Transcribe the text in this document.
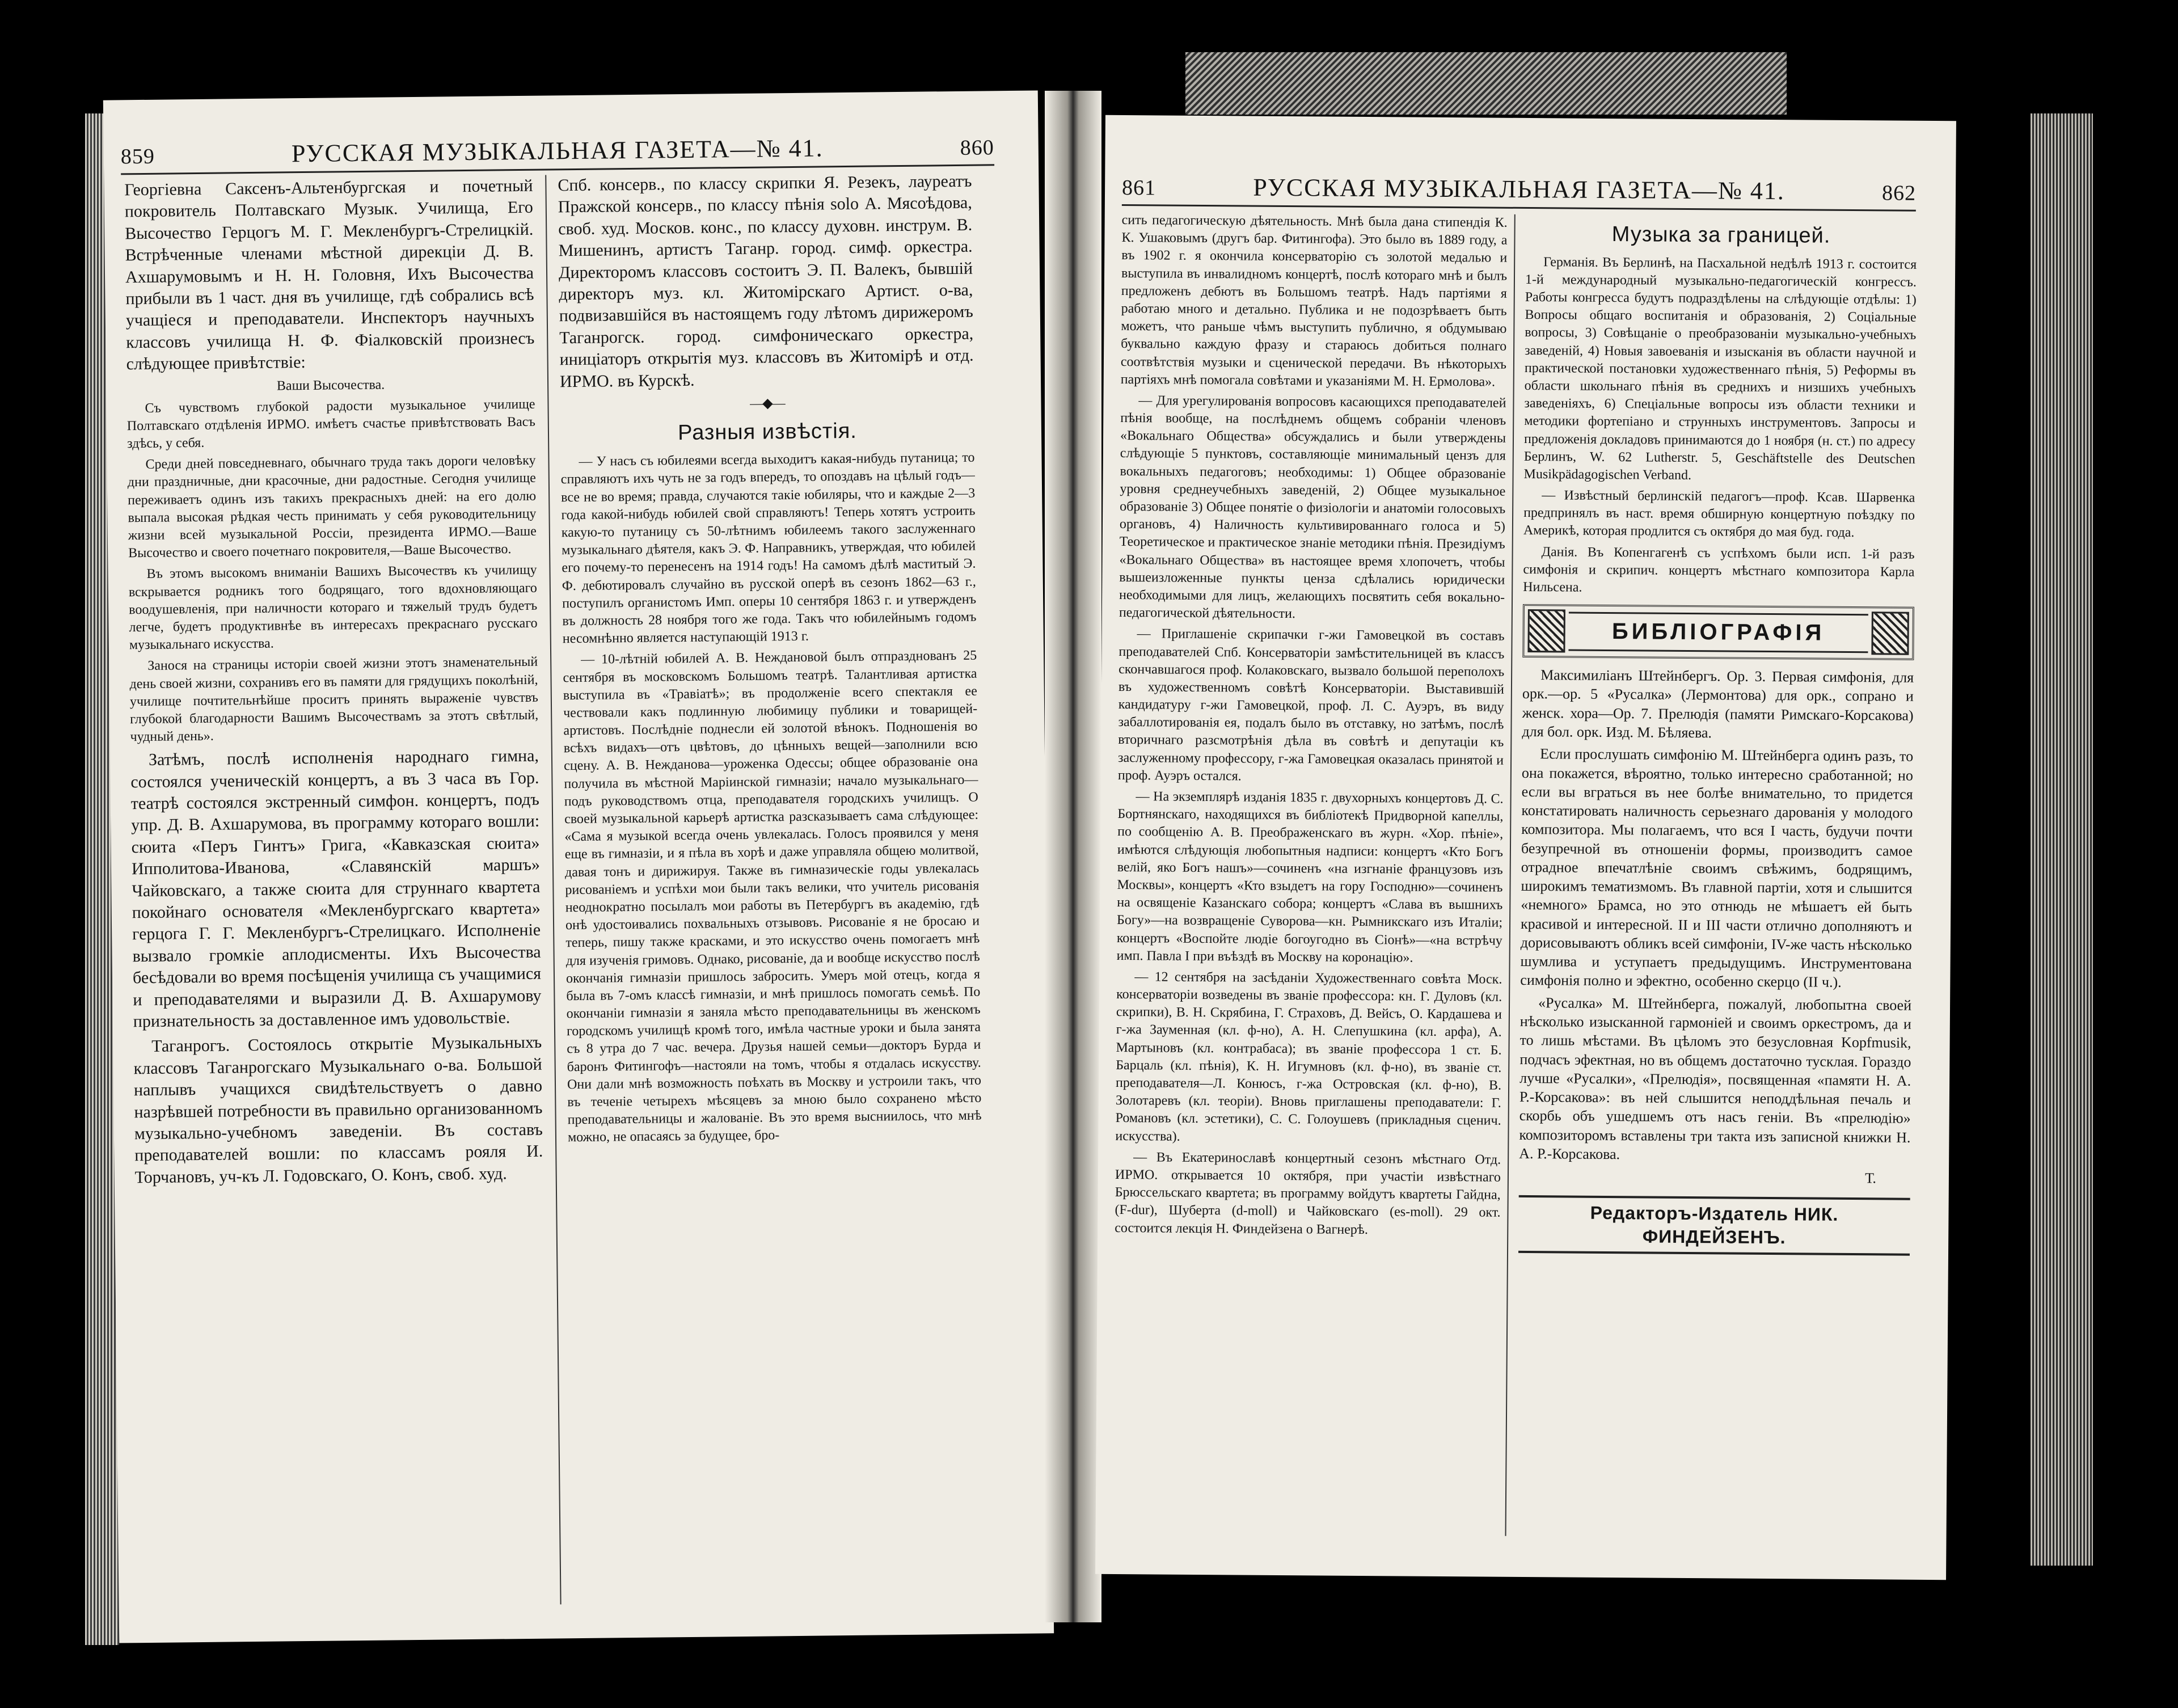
859	РУССКАЯ МУЗЫКАЛЬНАЯ ГАЗЕТА—№ 41.	860

Георгіевна Саксенъ-Альтенбургская и почетный покровитель Полтавскаго Музык. Училища, Его Высочество Герцогъ М. Г. Мекленбургъ-Стрелицкій. Встрѣченные членами мѣстной дирекціи Д. В. Ахшарумовымъ и Н. Н. Головня, Ихъ Высочества прибыли въ 1 част. дня въ училище, гдѣ собрались всѣ учащіеся и преподаватели. Инспекторъ научныхъ классовъ училища Н. Ф. Фіалковскій произнесъ слѣдующее привѣтствіе:

Ваши Высочества.

Съ чувствомъ глубокой радости музыкальное училище Полтавскаго отдѣленія ИРМО. имѣетъ счастье привѣтствовать Васъ здѣсь, у себя.

Среди дней повседневнаго, обычнаго труда такъ дороги человѣку дни праздничные, дни красочные, дни радостные. Сегодня училище переживаетъ одинъ изъ такихъ прекрасныхъ дней: на его долю выпала высокая рѣдкая честь принимать у себя руководительницу жизни всей музыкальной Россіи, президента ИРМО.—Ваше Высочество и своего почетнаго покровителя,—Ваше Высочество.

Въ этомъ высокомъ вниманіи Вашихъ Высочествъ къ училищу вскрывается родникъ того бодрящаго, того вдохновляющаго воодушевленія, при наличности котораго и тяжелый трудъ будетъ легче, будетъ продуктивнѣе въ интересахъ прекраснаго русскаго музыкальнаго искусства.

Занося на страницы исторіи своей жизни этотъ знаменательный день своей жизни, сохранивъ его въ памяти для грядущихъ поколѣній, училище почтительнѣйше проситъ принять выраженіе чувствъ глубокой благодарности Вашимъ Высочествамъ за этотъ свѣтлый, чудный день».

Затѣмъ, послѣ исполненія народнаго гимна, состоялся ученическій концертъ, а въ 3 часа въ Гор. театрѣ состоялся экстренный симфон. концертъ, подъ упр. Д. В. Ахшарумова, въ программу котораго вошли: сюита «Перъ Гинтъ» Грига, «Кавказская сюита» Ипполитова-Иванова, «Славянскій маршъ» Чайковскаго, а также сюита для струннаго квартета покойнаго основателя «Мекленбургскаго квартета» герцога Г. Г. Мекленбургъ-Стрелицкаго. Исполненіе вызвало громкіе аплодисменты. Ихъ Высочества бесѣдовали во время посѣщенія училища съ учащимися и преподавателями и выразили Д. В. Ахшарумову признательность за доставленное имъ удовольствіе.

Таганрогъ. Состоялось открытіе Музыкальныхъ классовъ Таганрогскаго Музыкальнаго о-ва. Большой наплывъ учащихся свидѣтельствуетъ о давно назрѣвшей потребности въ правильно организованномъ музыкально-учебномъ заведеніи. Въ составъ преподавателей вошли: по классамъ рояля И. Торчановъ, уч-къ Л. Годовскаго, О. Конъ, своб. худ.

Спб. консерв., по классу скрипки Я. Резекъ, лауреатъ Пражской консерв., по классу пѣнія solo А. Мясоѣдова, своб. худ. Москов. конс., по классу духовн. инструм. В. Мишенинъ, артистъ Таганр. город. симф. оркестра. Директоромъ классовъ состоитъ Э. П. Валекъ, бывшій директоръ муз. кл. Житомірскаго Артист. о-ва, подвизавшійся въ настоящемъ году лѣтомъ дирижеромъ Таганрогск. город. симфоническаго оркестра, иниціаторъ открытія муз. классовъ въ Житомірѣ и отд. ИРМО. въ Курскѣ.

—◆—
Разныя извѣстія.

— У насъ съ юбилеями всегда выходитъ какая-нибудь путаница; то справляютъ ихъ чуть не за годъ впередъ, то опоздавъ на цѣлый годъ—все не во время; правда, случаются такіе юбиляры, что и каждые 2—3 года какой-нибудь юбилей свой справляютъ! Теперь хотятъ устроить какую-то путаницу съ 50-лѣтнимъ юбилеемъ такого заслуженнаго музыкальнаго дѣятеля, какъ Э. Ф. Направникъ, утверждая, что юбилей его почему-то перенесенъ на 1914 годъ! На самомъ дѣлѣ маститый Э. Ф. дебютировалъ случайно въ русской оперѣ въ сезонъ 1862—63 г., поступилъ органистомъ Имп. оперы 10 сентября 1863 г. и утвержденъ въ должность 28 ноября того же года. Такъ что юбилейнымъ годомъ несомнѣнно является наступающій 1913 г.

— 10-лѣтній юбилей А. В. Неждановой былъ отпразднованъ 25 сентября въ московскомъ Большомъ театрѣ. Талантливая артистка выступила въ «Травіатѣ»; въ продолженіе всего спектакля ее чествовали какъ подлинную любимицу публики и товарищей-артистовъ. Послѣдніе поднесли ей золотой вѣнокъ. Подношенія во всѣхъ видахъ—отъ цвѣтовъ, до цѣнныхъ вещей—заполнили всю сцену. А. В. Нежданова—уроженка Одессы; общее образованіе она получила въ мѣстной Маріинской гимназіи; начало музыкальнаго—подъ руководствомъ отца, преподавателя городскихъ училищъ. О своей музыкальной карьерѣ артистка разсказываетъ сама слѣдующее: «Сама я музыкой всегда очень увлекалась. Голосъ проявился у меня еще въ гимназіи, и я пѣла въ хорѣ и даже управляла общею молитвой, давая тонъ и дирижируя. Также въ гимназическіе годы увлекалась рисованіемъ и успѣхи мои были такъ велики, что учитель рисованія неоднократно посылалъ мои работы въ Петербургъ въ академію, гдѣ онѣ удостоивались похвальныхъ отзывовъ. Рисованіе я не бросаю и теперь, пишу также красками, и это искусство очень помогаетъ мнѣ для изученія гримовъ. Однако, рисованіе, да и вообще искусство послѣ окончанія гимназіи пришлось забросить. Умеръ мой отецъ, когда я была въ 7-омъ классѣ гимназіи, и мнѣ пришлось помогать семьѣ. По окончаніи гимназіи я заняла мѣсто преподавательницы въ женскомъ городскомъ училищѣ кромѣ того, имѣла частные уроки и была занята съ 8 утра до 7 час. вечера. Друзья нашей семьи—докторъ Бурда и баронъ Фитингофъ—настояли на томъ, чтобы я отдалась искусству. Они дали мнѣ возможность поѣхать въ Москву и устроили такъ, что въ теченіе четырехъ мѣсяцевъ за мною было сохранено мѣсто преподавательницы и жалованіе. Въ это время высниилось, что мнѣ можно, не опасаясь за будущее, бро-

861	РУССКАЯ МУЗЫКАЛЬНАЯ ГАЗЕТА—№ 41.	862

сить педагогическую дѣятельность. Мнѣ была дана стипендія К. К. Ушаковымъ (другъ бар. Фитингофа). Это было въ 1889 году, а въ 1902 г. я окончила консерваторію съ золотой медалью и выступила въ инвалидномъ концертѣ, послѣ котораго мнѣ и былъ предложенъ дебютъ въ Большомъ театрѣ. Надъ партіями я работаю много и детально. Публика и не подозрѣваетъ быть можетъ, что раньше чѣмъ выступить публично, я обдумываю буквально каждую фразу и стараюсь добиться полнаго соотвѣтствія музыки и сценической передачи. Въ нѣкоторыхъ партіяхъ мнѣ помогала совѣтами и указаніями М. Н. Ермолова».

— Для урегулированія вопросовъ касающихся преподавателей пѣнія вообще, на послѣднемъ общемъ собраніи членовъ «Вокальнаго Общества» обсуждались и были утверждены слѣдующіе 5 пунктовъ, составляющіе минимальный цензъ для вокальныхъ педагоговъ; необходимы: 1) Общее образованіе уровня среднеучебныхъ заведеній, 2) Общее музыкальное образованіе 3) Общее понятіе о физіологіи и анатоміи голосовыхъ органовъ, 4) Наличность культивированнаго голоса и 5) Теоретическое и практическое знаніе методики пѣнія. Президіумъ «Вокальнаго Общества» въ настоящее время хлопочетъ, чтобы вышеизложенные пункты ценза сдѣлались юридически необходимыми для лицъ, желающихъ посвятить себя вокально-педагогической дѣятельности.

— Приглашеніе скрипачки г-жи Гамовецкой въ составъ преподавателей Спб. Консерваторіи замѣстительницей въ классъ скончавшагося проф. Колаковскаго, вызвало большой переполохъ въ художественномъ совѣтѣ Консерваторіи. Выставившій кандидатуру г-жи Гамовецкой, проф. Л. С. Ауэръ, въ виду забаллотированія ея, подалъ было въ отставку, но затѣмъ, послѣ вторичнаго разсмотрѣнія дѣла въ совѣтѣ и депутаціи къ заслуженному профессору, г-жа Гамовецкая оказалась принятой и проф. Ауэръ остался.

— На экземплярѣ изданія 1835 г. двухорныхъ концертовъ Д. С. Бортнянскаго, находящихся въ библіотекѣ Придворной капеллы, по сообщенію А. В. Преображенскаго въ журн. «Хор. пѣніе», имѣются слѣдующія любопытныя надписи: концертъ «Кто Богъ велій, яко Богъ нашъ»—сочиненъ «на изгнаніе французовъ изъ Москвы», концертъ «Кто взыдетъ на гору Господню»—сочиненъ на освященіе Казанскаго собора; концертъ «Слава въ вышнихъ Богу»—на возвращеніе Суворова—кн. Рымникскаго изъ Италіи; концертъ «Воспойте людіе богоугодно въ Сіонѣ»—«на встрѣчу имп. Павла I при въѣздѣ въ Москву на коронацію».

— 12 сентября на засѣданіи Художественнаго совѣта Моск. консерваторіи возведены въ званіе профессора: кн. Г. Дуловъ (кл. скрипки), В. Н. Скрябина, Г. Страховъ, Д. Вейсъ, О. Кардашева и г-жа Зауменная (кл. ф-но), А. Н. Слепушкина (кл. арфа), А. Мартыновъ (кл. контрабаса); въ званіе профессора 1 ст. Б. Барцаль (кл. пѣнія), К. Н. Игумновъ (кл. ф-но), въ званіе ст. преподавателя—Л. Конюсъ, г-жа Островская (кл. ф-но), В. Золотаревъ (кл. теоріи). Вновь приглашены преподаватели: Г. Романовъ (кл. эстетики), С. С. Голоушевъ (прикладныя сценич. искусства).

— Въ Екатеринославѣ концертный сезонъ мѣстнаго Отд. ИРМО. открывается 10 октября, при участіи извѣстнаго Брюссельскаго квартета; въ программу войдутъ квартеты Гайдна, (F-dur), Шуберта (d-moll) и Чайковскаго (es-moll). 29 окт. состоится лекція Н. Финдейзена о Вагнерѣ.

Музыка за границей.

Германія. Въ Берлинѣ, на Пасхальной недѣлѣ 1913 г. состоится 1-й международный музыкально-педагогическій конгрессъ. Работы конгресса будутъ подраздѣлены на слѣдующіе отдѣлы: 1) Вопросы общаго воспитанія и образованія, 2) Соціальные вопросы, 3) Совѣщаніе о преобразованіи музыкально-учебныхъ заведеній, 4) Новыя завоеванія и изысканія въ области научной и практической постановки художественнаго пѣнія, 5) Реформы въ области школьнаго пѣнія въ среднихъ и низшихъ учебныхъ заведеніяхъ, 6) Спеціальные вопросы изъ области техники и методики фортепіано и струнныхъ инструментовъ. Запросы и предложенія докладовъ принимаются до 1 ноября (н. ст.) по адресу Берлинъ, W. 62 Lutherstr. 5, Geschäftstelle des Deutschen Musikpädagogischen Verband.

— Извѣстный берлинскій педагогъ—проф. Ксав. Шарвенка предпринялъ въ наст. время обширную концертную поѣздку по Америкѣ, которая продлится съ октября до мая буд. года.

Данія. Въ Копенгагенѣ съ успѣхомъ были исп. 1-й разъ симфонія и скрипич. концертъ мѣстнаго композитора Карла Нильсена.

БИБЛІОГРАФІЯ

Максимиліанъ Штейнбергъ. Ор. 3. Первая симфонія, для орк.—ор. 5 «Русалка» (Лермонтова) для орк., сопрано и женск. хора—Ор. 7. Прелюдія (памяти Римскаго-Корсакова) для бол. орк. Изд. М. Бѣляева.

Если прослушать симфонію М. Штейнберга одинъ разъ, то она покажется, вѣроятно, только интересно сработанной; но если вы вграться въ нее болѣе внимательно, то придется констатировать наличность серьезнаго дарованія у молодого композитора. Мы полагаемъ, что вся I часть, будучи почти безупречной въ отношеніи формы, производитъ самое отрадное впечатлѣніе своимъ свѣжимъ, бодрящимъ, широкимъ тематизмомъ. Въ главной партіи, хотя и слышится «немного» Брамса, но это отнюдь не мѣшаетъ ей быть красивой и интересной. II и III части отлично дополняютъ и дорисовываютъ обликъ всей симфоніи, IV-же часть нѣсколько шумлива и уступаетъ предыдущимъ. Инструментована симфонія полно и эфектно, особенно скерцо (II ч.).

«Русалка» М. Штейнберга, пожалуй, любопытна своей нѣсколько изысканной гармоніей и своимъ оркестромъ, да и то лишь мѣстами. Въ цѣломъ это безусловная Kopfmusik, подчасъ эфектная, но въ общемъ достаточно тусклая. Гораздо лучше «Русалки», «Прелюдія», посвященная «памяти Н. А. Р.-Корсакова»: въ ней слышится неподдѣльная печаль и скорбь объ ушедшемъ отъ насъ геніи. Въ «прелюдію» композиторомъ вставлены три такта изъ записной книжки Н. А. Р.-Корсакова.

Т.

Редакторъ-Издатель НИК. ФИНДЕЙЗЕНЪ.
